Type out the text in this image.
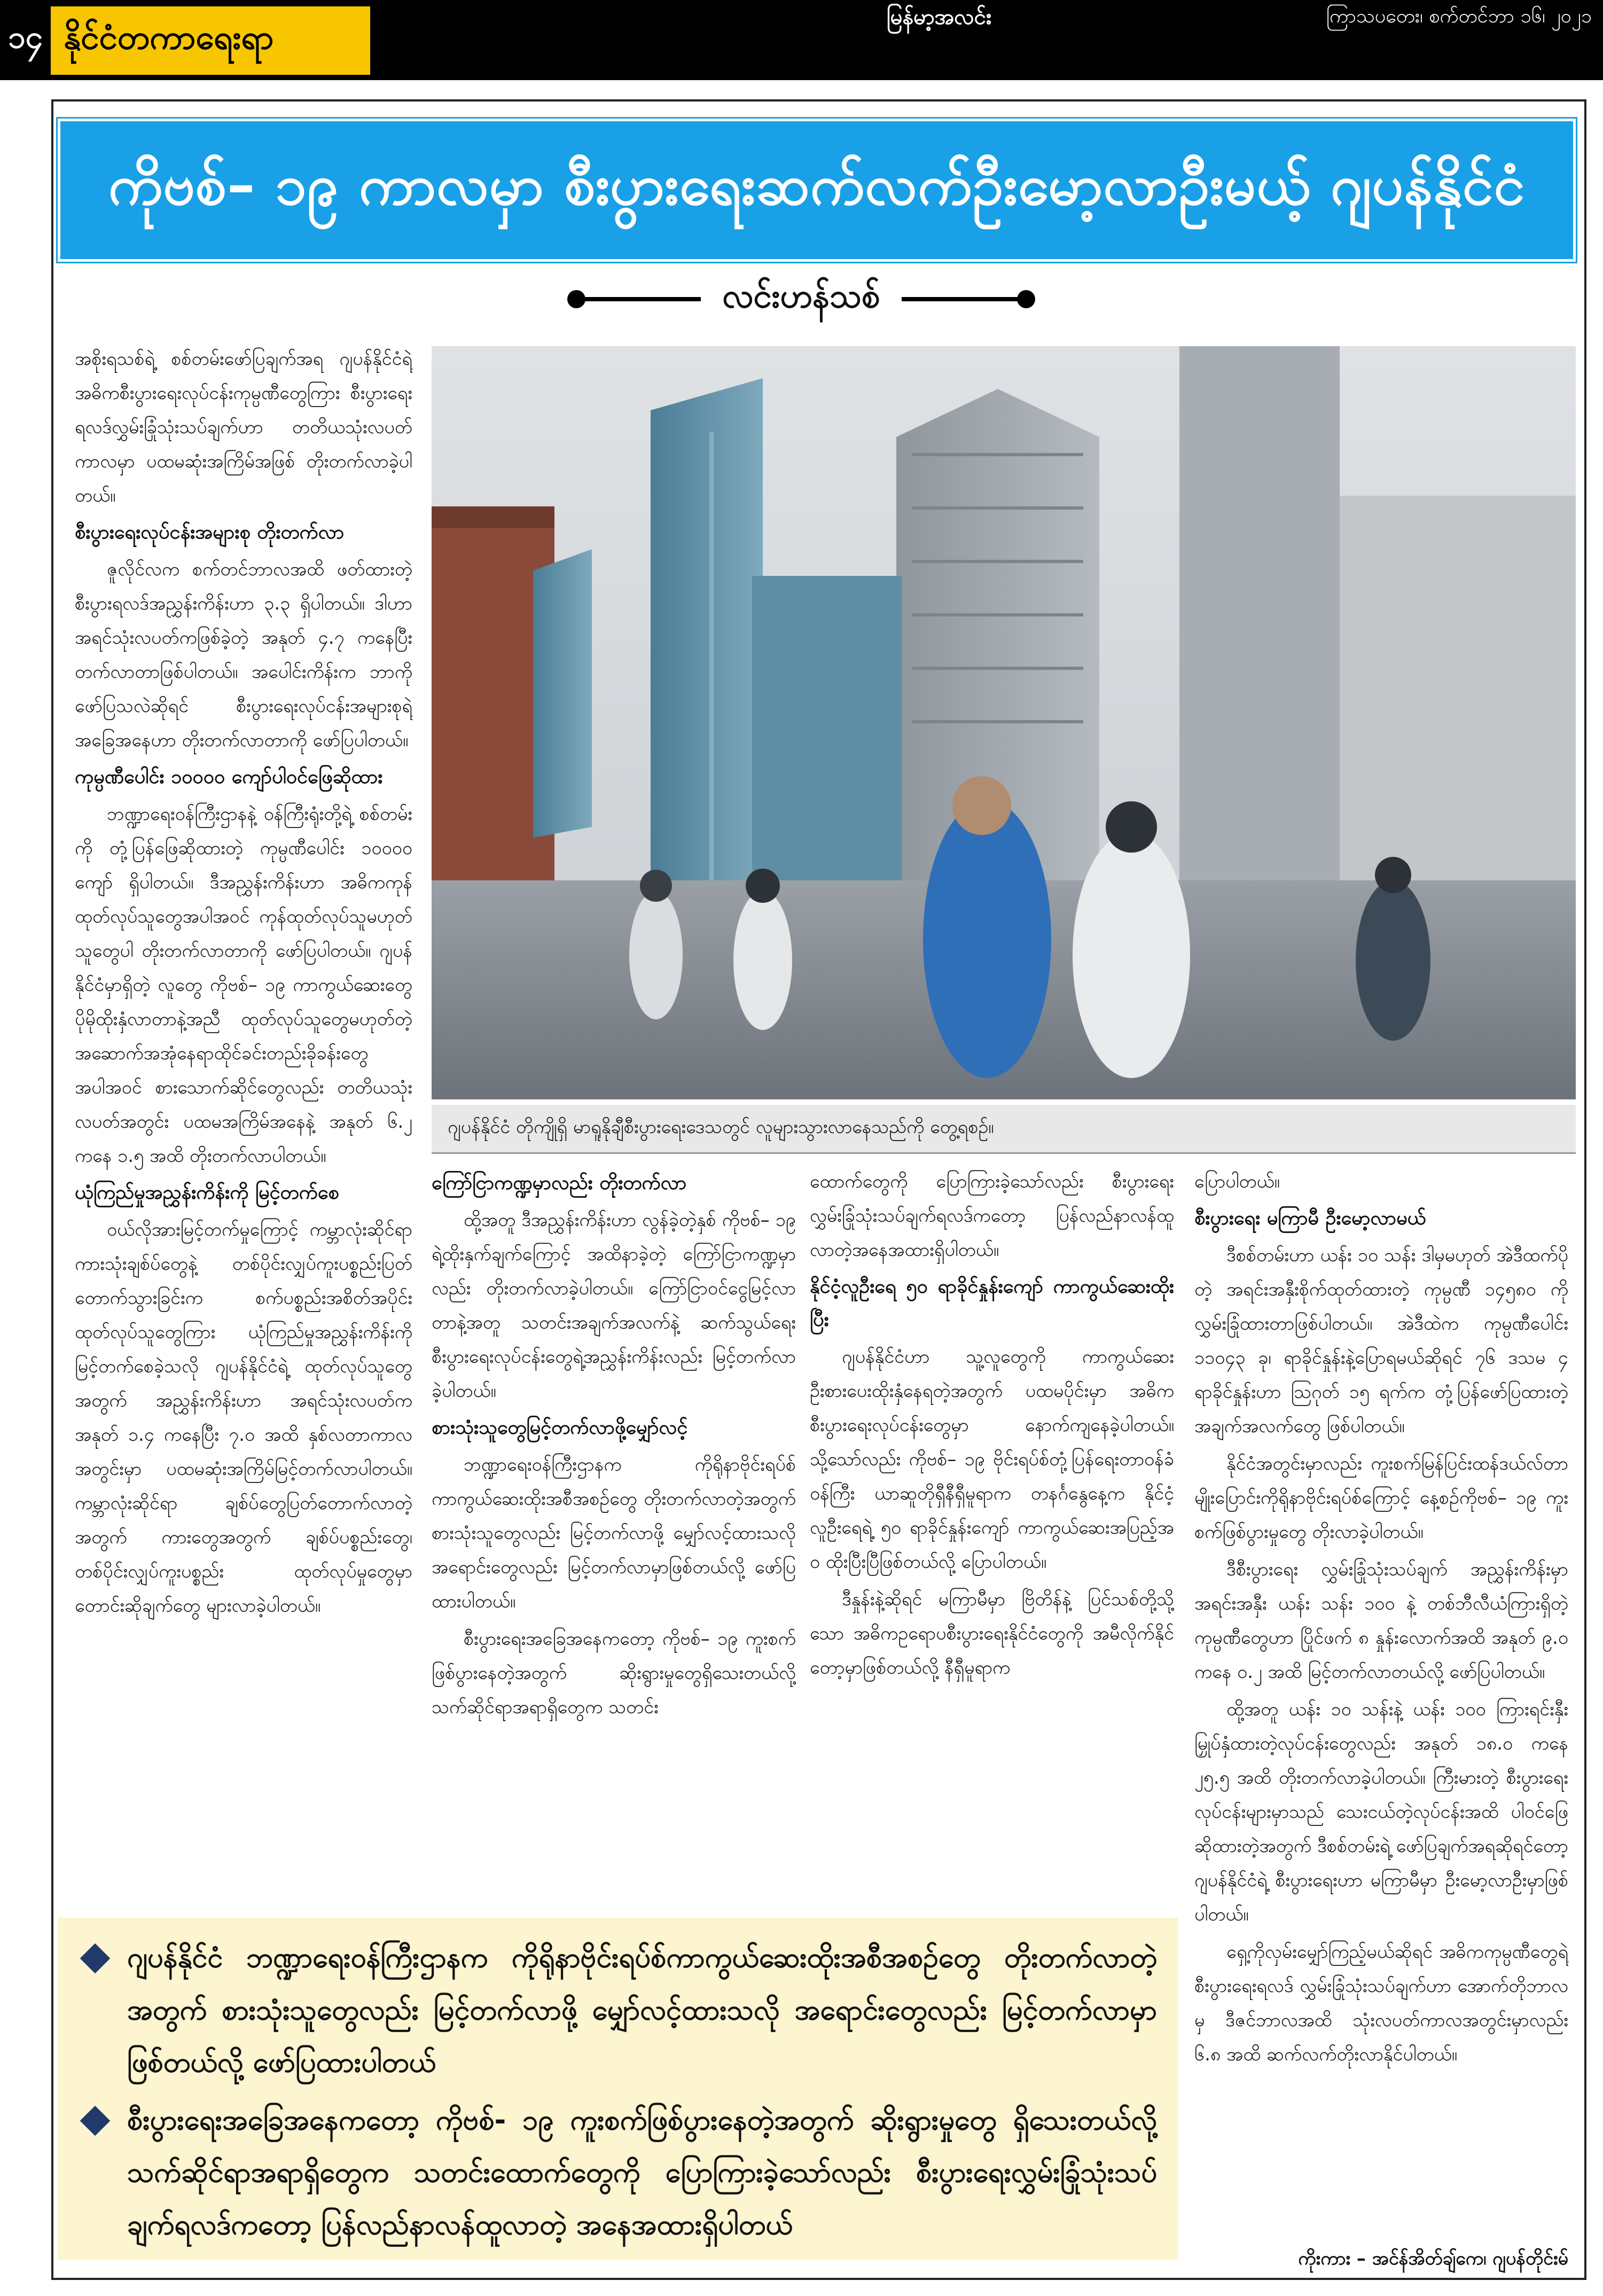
၁၄ နိုင်ငံတကာရေးရာ
မြန်မာ့အလင်း	ကြာသပတေး၊ စက်တင်ဘာ ၁၆၊ ၂၀၂၁
ကိုဗစ်– ၁၉ ကာလမှာ စီးပွားရေးဆက်လက်ဦးမော့လာဦးမယ့် ဂျပန်နိုင်ငံ
လင်းဟန်သစ်

အစိုးရသစ်ရဲ့ စစ်တမ်းဖော်ပြချက်အရ ဂျပန်နိုင်ငံရဲ့ အဓိကစီးပွားရေးလုပ်ငန်းကုမ္ပဏီတွေကြား စီးပွားရေးရလဒ်လွှမ်းခြုံသုံးသပ်ချက်ဟာ တတိယသုံးလပတ်ကာလမှာ ပထမဆုံးအကြိမ်အဖြစ် တိုးတက်လာခဲ့ပါတယ်။

စီးပွားရေးလုပ်ငန်းအများစု တိုးတက်လာ

ဇူလိုင်လက စက်တင်ဘာလအထိ ဖတ်ထားတဲ့ စီးပွားရလဒ်အညွှန်းကိန်းဟာ ၃.၃ ရှိပါတယ်။ ဒါဟာ အရင်သုံးလပတ်ကဖြစ်ခဲ့တဲ့ အနုတ် ၄.၇ ကနေပြီး တက်လာတာဖြစ်ပါတယ်။ အပေါင်းကိန်းက ဘာကိုဖော်ပြသလဲဆိုရင် စီးပွားရေးလုပ်ငန်းအများစုရဲ့ အခြေအနေဟာ တိုးတက်လာတာကို ဖော်ပြပါတယ်။

ကုမ္ပဏီပေါင်း ၁၀၀၀၀ ကျော်ပါဝင်ဖြေဆိုထား

ဘဏ္ဍာရေးဝန်ကြီးဌာနနဲ့ ဝန်ကြီးရုံးတို့ရဲ့ စစ်တမ်းကို တုံ့ပြန်ဖြေဆိုထားတဲ့ ကုမ္ပဏီပေါင်း ၁၀၀၀၀ ကျော် ရှိပါတယ်။ ဒီအညွှန်းကိန်းဟာ အဓိကကုန်ထုတ်လုပ်သူတွေအပါအဝင် ကုန်ထုတ်လုပ်သူမဟုတ်သူတွေပါ တိုးတက်လာတာကို ဖော်ပြပါတယ်။ ဂျပန်နိုင်ငံမှာရှိတဲ့ လူတွေ ကိုဗစ်– ၁၉ ကာကွယ်ဆေးတွေ ပိုမိုထိုးနှံလာတာနဲ့အညီ ထုတ်လုပ်သူတွေမဟုတ်တဲ့ အဆောက်အအုံနေရာထိုင်ခင်းတည်းခိုခန်းတွေအပါအဝင် စားသောက်ဆိုင်တွေလည်း တတိယသုံးလပတ်အတွင်း ပထမအကြိမ်အနေနဲ့ အနုတ် ၆.၂ ကနေ ၁.၅ အထိ တိုးတက်လာပါတယ်။

ယုံကြည်မှုအညွှန်းကိန်းကို မြင့်တက်စေ

ဝယ်လိုအားမြင့်တက်မှုကြောင့် ကမ္ဘာလုံးဆိုင်ရာ ကားသုံးချစ်ပ်တွေနဲ့ တစ်ပိုင်းလျှပ်ကူးပစ္စည်းပြတ်တောက်သွားခြင်းက စက်ပစ္စည်းအစိတ်အပိုင်း ထုတ်လုပ်သူတွေကြား ယုံကြည်မှုအညွှန်းကိန်းကို မြင့်တက်စေခဲ့သလို ဂျပန်နိုင်ငံရဲ့ ထုတ်လုပ်သူတွေအတွက် အညွှန်းကိန်းဟာ အရင်သုံးလပတ်က အနုတ် ၁.၄ ကနေပြီး ၇.၀ အထိ နှစ်လတာကာလအတွင်းမှာ ပထမဆုံးအကြိမ်မြင့်တက်လာပါတယ်။ ကမ္ဘာလုံးဆိုင်ရာ ချစ်ပ်တွေပြတ်တောက်လာတဲ့အတွက် ကားတွေအတွက် ချစ်ပ်ပစ္စည်းတွေ၊ တစ်ပိုင်းလျှပ်ကူးပစ္စည်း ထုတ်လုပ်မှုတွေမှာ တောင်းဆိုချက်တွေ များလာခဲ့ပါတယ်။

ဂျပန်နိုင်ငံ တိုကျိုရှိ မာရူနိုချီစီးပွားရေးဒေသတွင် လူများသွားလာနေသည်ကို တွေ့ရစဉ်။
ကြော်ငြာကဏ္ဍမှာလည်း တိုးတက်လာ

ထို့အတူ ဒီအညွှန်းကိန်းဟာ လွန်ခဲ့တဲ့နှစ် ကိုဗစ်– ၁၉ ရဲ့ထိုးနှက်ချက်ကြောင့် အထိနာခဲ့တဲ့ ကြော်ငြာကဏ္ဍမှာလည်း တိုးတက်လာခဲ့ပါတယ်။ ကြော်ငြာဝင်ငွေမြင့်လာတာနဲ့အတူ သတင်းအချက်အလက်နဲ့ ဆက်သွယ်ရေးစီးပွားရေးလုပ်ငန်းတွေရဲ့အညွှန်းကိန်းလည်း မြင့်တက်လာခဲ့ပါတယ်။

စားသုံးသူတွေမြင့်တက်လာဖို့မျှော်လင့်

ဘဏ္ဍာရေးဝန်ကြီးဌာနက ကိုရိုနာဗိုင်းရပ်စ်ကာကွယ်ဆေးထိုးအစီအစဉ်တွေ တိုးတက်လာတဲ့အတွက် စားသုံးသူတွေလည်း မြင့်တက်လာဖို့ မျှော်လင့်ထားသလို အရောင်းတွေလည်း မြင့်တက်လာမှာဖြစ်တယ်လို့ ဖော်ပြထားပါတယ်။

စီးပွားရေးအခြေအနေကတော့ ကိုဗစ်– ၁၉ ကူးစက်ဖြစ်ပွားနေတဲ့အတွက် ဆိုးရွားမှုတွေရှိသေးတယ်လို့ သက်ဆိုင်ရာအရာရှိတွေက သတင်း

ထောက်တွေကို ပြောကြားခဲ့သော်လည်း စီးပွားရေးလွှမ်းခြုံသုံးသပ်ချက်ရလဒ်ကတော့ ပြန်လည်နာလန်ထူလာတဲ့အနေအထားရှိပါတယ်။

နိုင်ငံ့လူဦးရေ ၅၀ ရာခိုင်နှုန်းကျော် ကာကွယ်ဆေးထိုးပြီး

ဂျပန်နိုင်ငံဟာ သူ့လူတွေကို ကာကွယ်ဆေးဦးစားပေးထိုးနှံနေရတဲ့အတွက် ပထမပိုင်းမှာ အဓိကစီးပွားရေးလုပ်ငန်းတွေမှာ နောက်ကျနေခဲ့ပါတယ်။ သို့သော်လည်း ကိုဗစ်– ၁၉ ဗိုင်းရပ်စ်တုံ့ပြန်ရေးတာဝန်ခံဝန်ကြီး ယာဆူတိုရှီနီရှီမူရာက တနင်္ဂနွေနေ့က နိုင်ငံ့လူဦးရေရဲ့ ၅၀ ရာခိုင်နှုန်းကျော် ကာကွယ်ဆေးအပြည့်အဝ ထိုးပြီးပြီဖြစ်တယ်လို့ ပြောပါတယ်။

ဒီနှုန်းနဲ့ဆိုရင် မကြာမီမှာ ဗြိတိန်နဲ့ ပြင်သစ်တို့သို့သော အဓိကဥရောပစီးပွားရေးနိုင်ငံတွေကို အမီလိုက်နိုင်တော့မှာဖြစ်တယ်လို့ နီရှီမူရာက

ပြောပါတယ်။

စီးပွားရေး မကြာမီ ဦးမော့လာမယ်

ဒီစစ်တမ်းဟာ ယန်း ၁၀ သန်း ဒါမှမဟုတ် အဲဒီထက်ပိုတဲ့ အရင်းအနှီးစိုက်ထုတ်ထားတဲ့ ကုမ္ပဏီ ၁၄၅၈၀ ကို လွှမ်းခြုံထားတာဖြစ်ပါတယ်။ အဲဒီထဲက ကုမ္ပဏီပေါင်း ၁၁၀၄၃ ခု၊ ရာခိုင်နှုန်းနဲ့ပြောရမယ်ဆိုရင် ၇၆ ဒသမ ၄ ရာခိုင်နှုန်းဟာ ဩဂုတ် ၁၅ ရက်က တုံ့ပြန်ဖော်ပြထားတဲ့ အချက်အလက်တွေ ဖြစ်ပါတယ်။

နိုင်ငံအတွင်းမှာလည်း ကူးစက်မြန်ပြင်းထန်ဒယ်လ်တာ မျိုးပြောင်းကိုရိုနာဗိုင်းရပ်စ်ကြောင့် နေ့စဉ်ကိုဗစ်– ၁၉ ကူးစက်ဖြစ်ပွားမှုတွေ တိုးလာခဲ့ပါတယ်။

ဒီစီးပွားရေး လွှမ်းခြုံသုံးသပ်ချက် အညွှန်းကိန်းမှာ အရင်းအနှီး ယန်း သန်း ၁၀၀ နဲ့ တစ်ဘီလီယံကြားရှိတဲ့ ကုမ္ပဏီတွေဟာ ပြိုင်ဖက် ၈ နှုန်းလောက်အထိ အနုတ် ၉.၀ ကနေ ၀.၂ အထိ မြင့်တက်လာတယ်လို့ ဖော်ပြပါတယ်။

ထို့အတူ ယန်း ၁၀ သန်းနဲ့ ယန်း ၁၀၀ ကြားရင်းနှီးမြှုပ်နှံထားတဲ့လုပ်ငန်းတွေလည်း အနုတ် ၁၈.၀ ကနေ ၂၅.၅ အထိ တိုးတက်လာခဲ့ပါတယ်။ ကြီးမားတဲ့ စီးပွားရေးလုပ်ငန်းများမှာသည် သေးငယ်တဲ့လုပ်ငန်းအထိ ပါဝင်ဖြေဆိုထားတဲ့အတွက် ဒီစစ်တမ်းရဲ့ ဖော်ပြချက်အရဆိုရင်တော့ ဂျပန်နိုင်ငံရဲ့ စီးပွားရေးဟာ မကြာမီမှာ ဦးမော့လာဦးမှာဖြစ်ပါတယ်။

ရှေ့ကိုလှမ်းမျှော်ကြည့်မယ်ဆိုရင် အဓိကကုမ္ပဏီတွေရဲ့ စီးပွားရေးရလဒ် လွှမ်းခြုံသုံးသပ်ချက်ဟာ အောက်တိုဘာလမှ ဒီဇင်ဘာလအထိ သုံးလပတ်ကာလအတွင်းမှာလည်း ၆.၈ အထိ ဆက်လက်တိုးလာနိုင်ပါတယ်။

ဂျပန်နိုင်ငံ ဘဏ္ဍာရေးဝန်ကြီးဌာနက ကိုရိုနာဗိုင်းရပ်စ်ကာကွယ်ဆေးထိုးအစီအစဉ်တွေ တိုးတက်လာတဲ့အတွက် စားသုံးသူတွေလည်း မြင့်တက်လာဖို့ မျှော်လင့်ထားသလို အရောင်းတွေလည်း မြင့်တက်လာမှာဖြစ်တယ်လို့ ဖော်ပြထားပါတယ်
စီးပွားရေးအခြေအနေကတော့ ကိုဗစ်- ၁၉ ကူးစက်ဖြစ်ပွားနေတဲ့အတွက် ဆိုးရွားမှုတွေ ရှိသေးတယ်လို့ သက်ဆိုင်ရာအရာရှိတွေက သတင်းထောက်တွေကို ပြောကြားခဲ့သော်လည်း စီးပွားရေးလွှမ်းခြုံသုံးသပ်ချက်ရလဒ်ကတော့ ပြန်လည်နာလန်ထူလာတဲ့ အနေအထားရှိပါတယ်
ကိုးကား – အင်န်အိတ်ချ်ကေ၊ ဂျပန်တိုင်းမ်
